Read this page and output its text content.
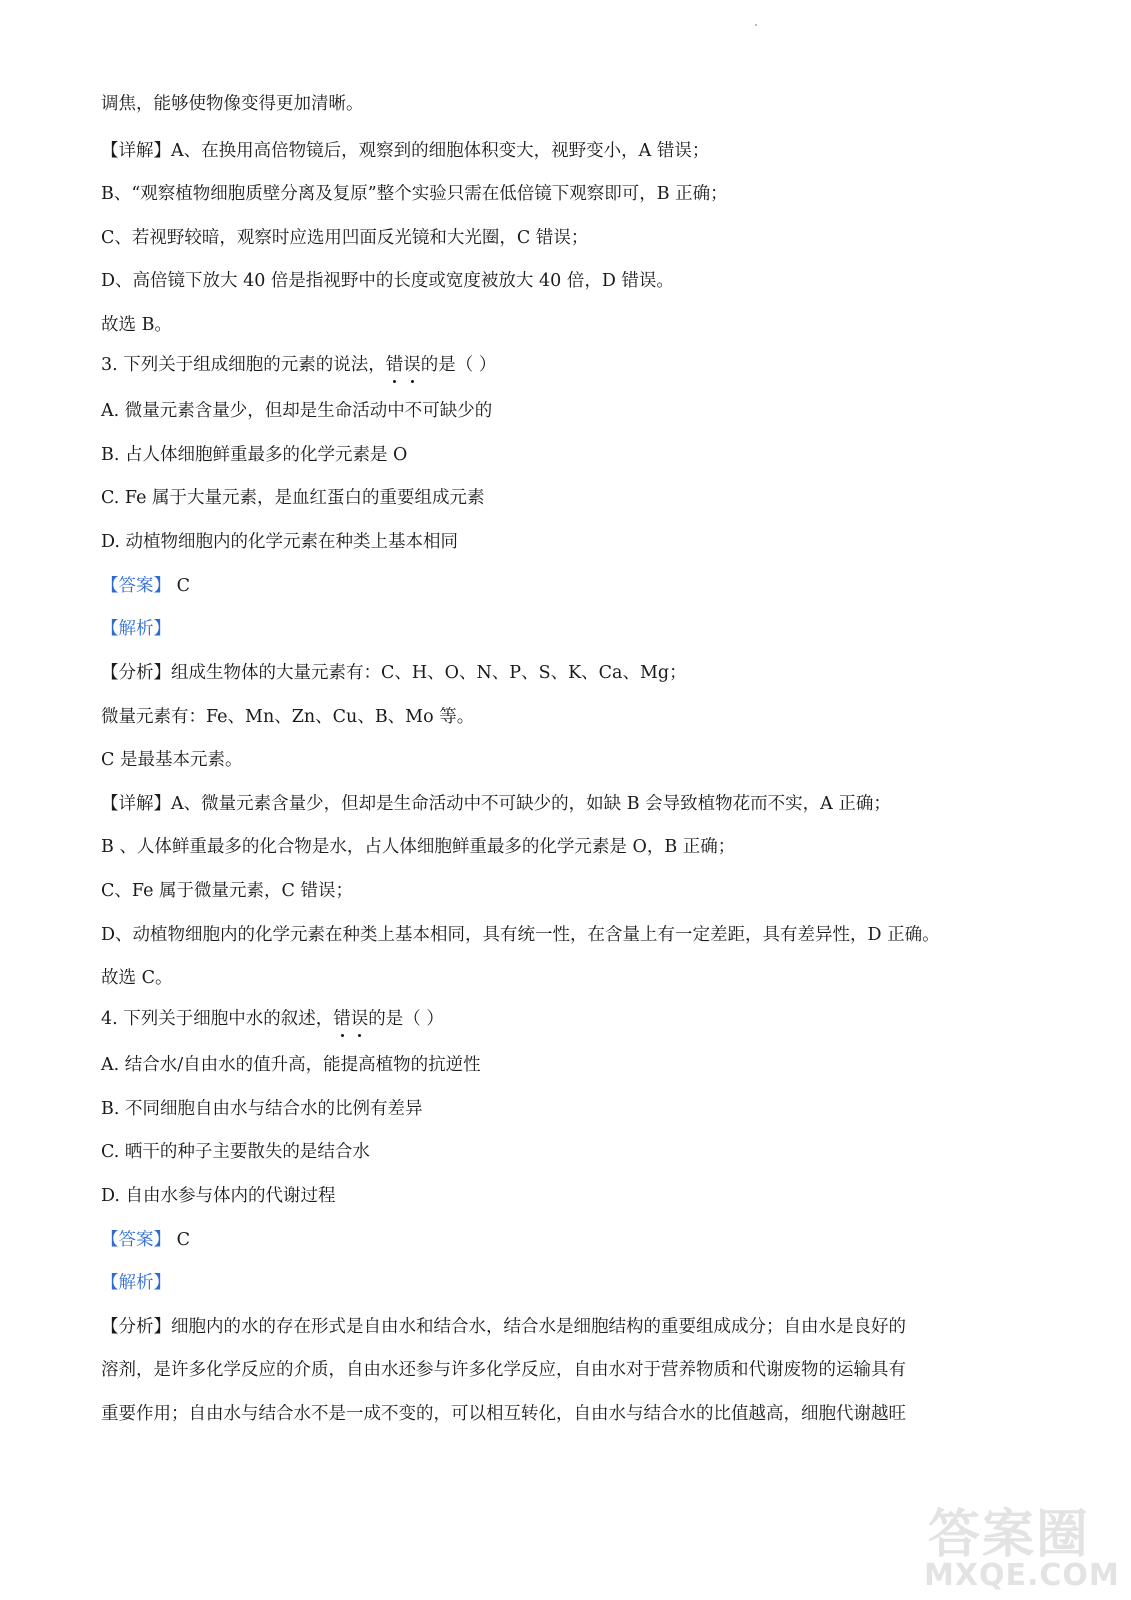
调焦，能够使物像变得更加清晰。
【详解】A、在换用高倍物镜后，观察到的细胞体积变大，视野变小，A 错误；
B、“观察植物细胞质壁分离及复原”整个实验只需在低倍镜下观察即可，B 正确；
C、若视野较暗，观察时应选用凹面反光镜和大光圈，C 错误；
D、高倍镜下放大 40 倍是指视野中的长度或宽度被放大 40 倍，D 错误。
故选 B。
3. 下列关于组成细胞的元素的说法，错误的是（ ）
A. 微量元素含量少，但却是生命活动中不可缺少的
B. 占人体细胞鲜重最多的化学元素是 O
C. Fe 属于大量元素，是血红蛋白的重要组成元素
D. 动植物细胞内的化学元素在种类上基本相同
【答案】 C
【解析】
【分析】组成生物体的大量元素有：C、H、O、N、P、S、K、Ca、Mg；
微量元素有：Fe、Mn、Zn、Cu、B、Mo 等。
C 是最基本元素。
【详解】A、微量元素含量少，但却是生命活动中不可缺少的，如缺 B 会导致植物花而不实，A 正确；
B 、人体鲜重最多的化合物是水，占人体细胞鲜重最多的化学元素是 O，B 正确；
C、Fe 属于微量元素，C 错误；
D、动植物细胞内的化学元素在种类上基本相同，具有统一性，在含量上有一定差距，具有差异性，D 正确。
故选 C。
4. 下列关于细胞中水的叙述，错误的是（ ）
A. 结合水/自由水的值升高，能提高植物的抗逆性
B. 不同细胞自由水与结合水的比例有差异
C. 晒干的种子主要散失的是结合水
D. 自由水参与体内的代谢过程
【答案】 C
【解析】
【分析】细胞内的水的存在形式是自由水和结合水，结合水是细胞结构的重要组成成分；自由水是良好的
溶剂，是许多化学反应的介质，自由水还参与许多化学反应，自由水对于营养物质和代谢废物的运输具有
重要作用；自由水与结合水不是一成不变的，可以相互转化，自由水与结合水的比值越高，细胞代谢越旺
答案圈
MXQE.COM
